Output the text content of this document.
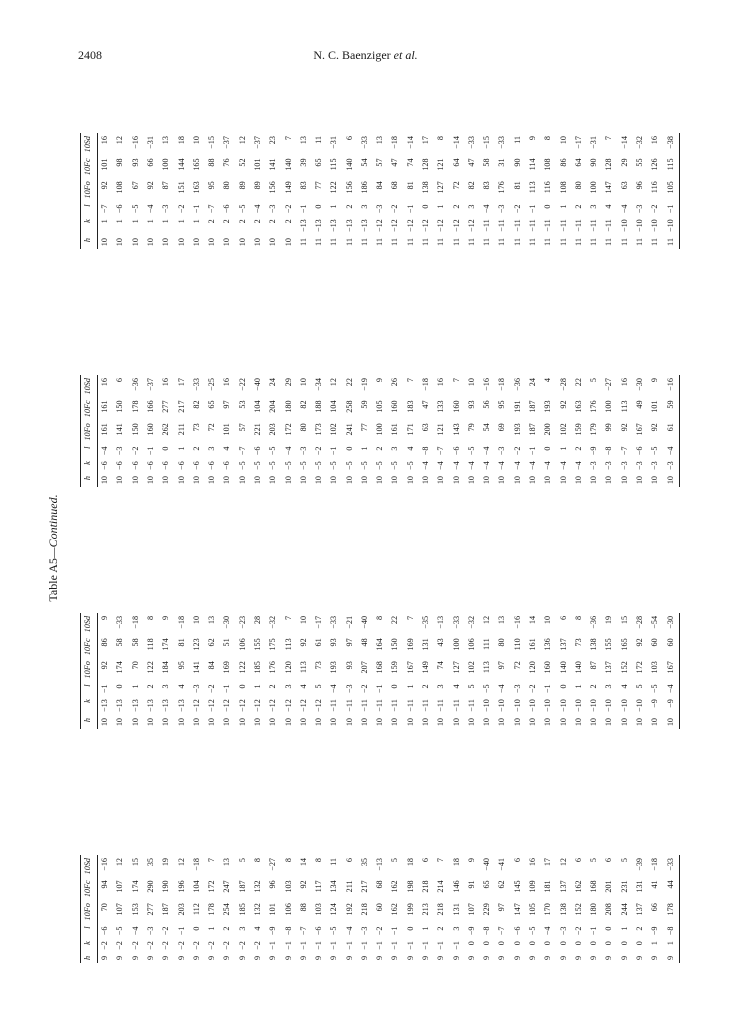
2408	N. C. Baenziger et al.
Table A5—Continued.
h	k	l	10Fo	10Fc	10Sd
9	−2	−6	70	94	−16
9	−2	−5	107	107	12
9	−2	−4	153	174	15
9	−2	−3	277	290	35
9	−2	−2	187	190	19
9	−2	−1	203	196	12
9	−2	0	112	104	−18
9	−2	1	178	172	7
9	−2	2	254	247	13
9	−2	3	185	187	5
9	−2	4	132	132	8
9	−1	−9	101	96	−27
9	−1	−8	106	103	8
9	−1	−7	88	92	14
9	−1	−6	103	117	8
9	−1	−5	124	134	11
9	−1	−4	192	211	6
9	−1	−3	218	217	35
9	−1	−2	60	68	−13
9	−1	−1	162	162	5
9	−1	0	199	198	18
9	−1	1	213	218	6
9	−1	2	218	214	7
9	−1	3	131	146	18
9	0	−9	107	91	9
9	0	−8	229	65	−40
9	0	−7	97	62	−41
9	0	−6	147	145	6
9	0	−5	105	109	16
9	0	−4	170	181	17
9	0	−3	138	137	12
9	0	−2	152	162	6
9	0	−1	180	168	5
9	0	0	208	201	6
9	0	1	244	231	5
9	0	2	137	131	−39
9	1	−9	66	41	−18
9	1	−8	178	44	−33
h	k	l	10Fo	10Fc	10Sd
10	−13	−1	92	86	9
10	−13	0	174	58	−33
10	−13	1	70	58	−18
10	−13	2	122	118	8
10	−13	3	184	174	9
10	−13	4	95	81	−18
10	−12	−3	141	123	10
10	−12	−2	84	62	13
10	−12	−1	169	51	−30
10	−12	0	122	106	−23
10	−12	1	185	155	28
10	−12	2	176	175	−32
10	−12	3	120	113	7
10	−12	4	113	92	10
10	−12	5	73	61	−17
10	−11	−4	193	93	−33
10	−11	−3	93	97	−21
10	−11	−2	207	48	−40
10	−11	−1	168	164	8
10	−11	0	159	150	22
10	−11	1	167	169	7
10	−11	2	149	131	−35
10	−11	3	74	43	−13
10	−11	4	127	100	−33
10	−11	5	102	106	−32
10	−10	−5	113	111	12
10	−10	−4	97	80	13
10	−10	−3	72	110	−16
10	−10	−2	120	161	14
10	−10	−1	160	136	10
10	−10	0	140	137	6
10	−10	1	140	73	8
10	−10	2	87	138	−36
10	−10	3	137	155	19
10	−10	4	152	165	15
10	−10	5	172	92	−28
10	−9	−5	103	60	−54
10	−9	−4	167	60	−30
h	k	l	10Fo	10Fc	10Sd
10	−6	−4	161	161	16
10	−6	−3	141	150	6
10	−6	−2	150	178	−36
10	−6	−1	160	166	−37
10	−6	0	262	277	16
10	−6	1	211	217	17
10	−6	2	73	82	−33
10	−6	3	72	65	−25
10	−6	4	101	97	16
10	−5	−7	57	53	−22
10	−5	−6	221	104	−40
10	−5	−5	203	204	24
10	−5	−4	172	180	29
10	−5	−3	80	82	10
10	−5	−2	173	188	−34
10	−5	−1	102	104	12
10	−5	0	241	258	22
10	−5	1	77	59	−19
10	−5	2	100	105	9
10	−5	3	161	160	26
10	−5	4	171	183	7
10	−4	−8	63	47	−18
10	−4	−7	121	133	16
10	−4	−6	143	160	7
10	−4	−5	79	93	10
10	−4	−4	54	56	−16
10	−4	−3	69	95	−18
10	−4	−2	193	191	−36
10	−4	−1	187	187	24
10	−4	0	200	193	4
10	−4	1	102	92	−28
10	−4	2	159	163	22
10	−3	−9	179	176	5
10	−3	−8	99	100	−27
10	−3	−7	92	113	16
10	−3	−6	167	49	−30
10	−3	−5	92	101	9
10	−3	−4	61	59	−16
h	k	l	10Fo	10Fc	10Sd
10	1	−7	92	101	16
10	1	−6	108	98	12
10	1	−5	67	93	−16
10	1	−4	92	66	−31
10	1	−3	87	100	13
10	1	−2	151	144	18
10	1	−1	163	165	10
10	2	−7	95	88	−15
10	2	−6	80	76	−37
10	2	−5	89	52	12
10	2	−4	89	101	−37
10	2	−3	156	141	23
10	2	−2	149	140	7
11	−13	−1	83	39	13
11	−13	0	77	65	11
11	−13	1	122	115	−31
11	−13	2	156	140	6
11	−13	3	186	54	−33
11	−12	−3	84	57	13
11	−12	−2	68	47	−18
11	−12	−1	81	74	−14
11	−12	0	138	128	17
11	−12	1	127	121	8
11	−12	2	72	64	−14
11	−12	3	82	47	−33
11	−11	−4	83	58	−15
11	−11	−3	176	31	−33
11	−11	−2	81	90	11
11	−11	−1	113	114	9
11	−11	0	116	108	8
11	−11	1	108	86	10
11	−11	2	80	64	−17
11	−11	3	100	90	−31
11	−11	4	147	128	7
11	−10	−4	63	29	−14
11	−10	−3	96	55	−32
11	−10	−2	116	126	16
11	−10	−1	105	115	−38
